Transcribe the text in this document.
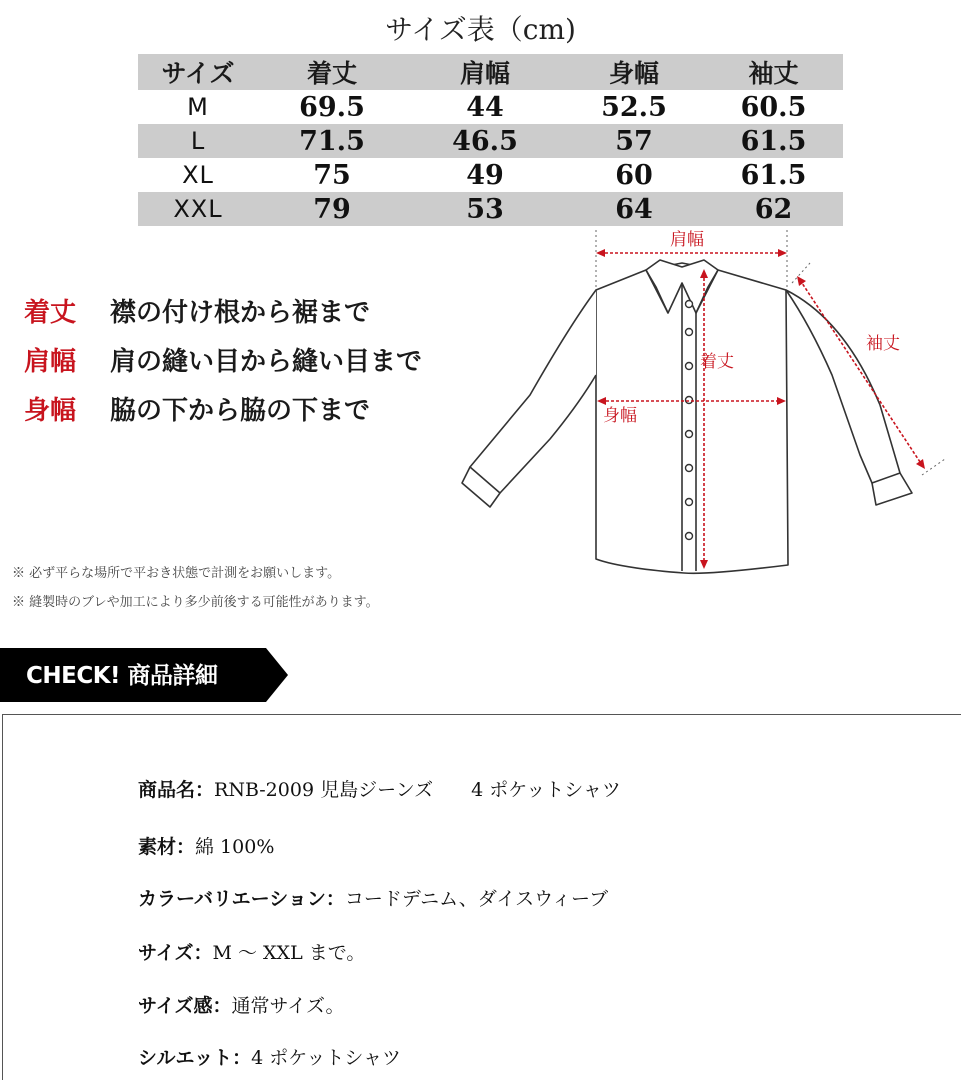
サイズ表（cm)
サイズ	着丈	肩幅	身幅	袖丈
M	69.5	44	52.5	60.5
L	71.5	46.5	57	61.5
XL	75	49	60	61.5
XXL	79	53	64	62
着丈	襟の付け根から裾まで
肩幅	肩の縫い目から縫い目まで
身幅	脇の下から脇の下まで
肩幅
袖丈
着丈
身幅
※ 必ず平らな場所で平おき状態で計測をお願いします。
※ 縫製時のブレや加工により多少前後する可能性があります。
CHECK! 商品詳細
商品名：RNB-2009 児島ジーンズ　　4 ポケットシャツ
素材：綿 100%
カラーバリエーション：コードデニム、ダイスウィーブ
サイズ：M ～ XXL まで。
サイズ感：通常サイズ。
シルエット：4 ポケットシャツ
